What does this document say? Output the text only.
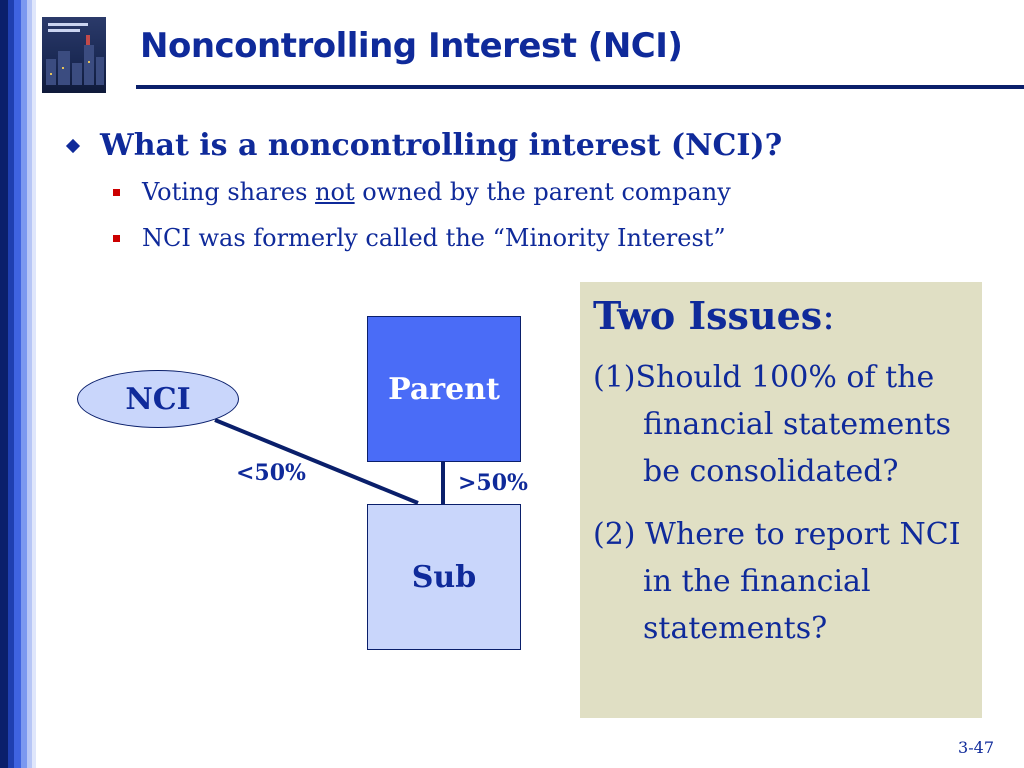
Noncontrolling Interest (NCI)
What is a noncontrolling interest (NCI)?
Voting shares not owned by the parent company
NCI was formerly called the “Minority Interest”
Parent
Sub
NCI
<50%	>50%
Two Issues:
(1)Should 100% of the financial statements be consolidated?
(2) Where to report NCI in the financial statements?
3-47
